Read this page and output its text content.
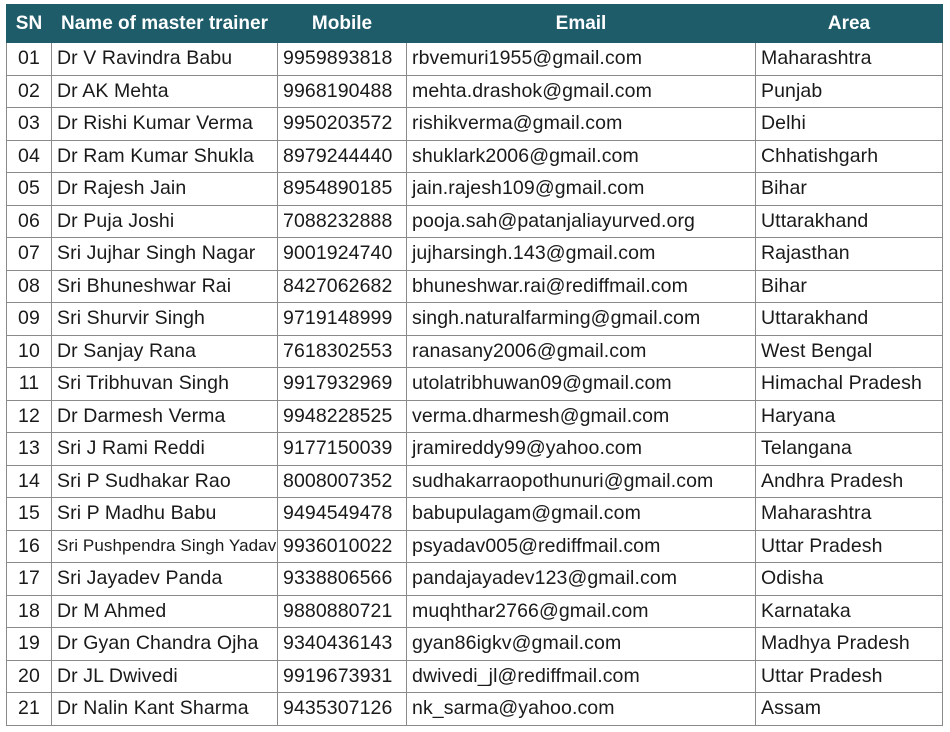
SN	Name of master trainer	Mobile	Email	Area
01	Dr V Ravindra Babu	9959893818	rbvemuri1955@gmail.com	Maharashtra
02	Dr AK Mehta	9968190488	mehta.drashok@gmail.com	Punjab
03	Dr Rishi Kumar Verma	9950203572	rishikverma@gmail.com	Delhi
04	Dr Ram Kumar Shukla	8979244440	shuklark2006@gmail.com	Chhatishgarh
05	Dr Rajesh Jain	8954890185	jain.rajesh109@gmail.com	Bihar
06	Dr Puja Joshi	7088232888	pooja.sah@patanjaliayurved.org	Uttarakhand
07	Sri Jujhar Singh Nagar	9001924740	jujharsingh.143@gmail.com	Rajasthan
08	Sri Bhuneshwar Rai	8427062682	bhuneshwar.rai@rediffmail.com	Bihar
09	Sri Shurvir Singh	9719148999	singh.naturalfarming@gmail.com	Uttarakhand
10	Dr Sanjay Rana	7618302553	ranasany2006@gmail.com	West Bengal
11	Sri Tribhuvan Singh	9917932969	utolatribhuwan09@gmail.com	Himachal Pradesh
12	Dr Darmesh Verma	9948228525	verma.dharmesh@gmail.com	Haryana
13	Sri J Rami Reddi	9177150039	jramireddy99@yahoo.com	Telangana
14	Sri P Sudhakar Rao	8008007352	sudhakarraopothunuri@gmail.com	Andhra Pradesh
15	Sri P Madhu Babu	9494549478	babupulagam@gmail.com	Maharashtra
16	Sri Pushpendra Singh Yadav	9936010022	psyadav005@rediffmail.com	Uttar Pradesh
17	Sri Jayadev Panda	9338806566	pandajayadev123@gmail.com	Odisha
18	Dr M Ahmed	9880880721	muqhthar2766@gmail.com	Karnataka
19	Dr Gyan Chandra Ojha	9340436143	gyan86igkv@gmail.com	Madhya Pradesh
20	Dr JL Dwivedi	9919673931	dwivedi_jl@rediffmail.com	Uttar Pradesh
21	Dr Nalin Kant Sharma	9435307126	nk_sarma@yahoo.com	Assam
